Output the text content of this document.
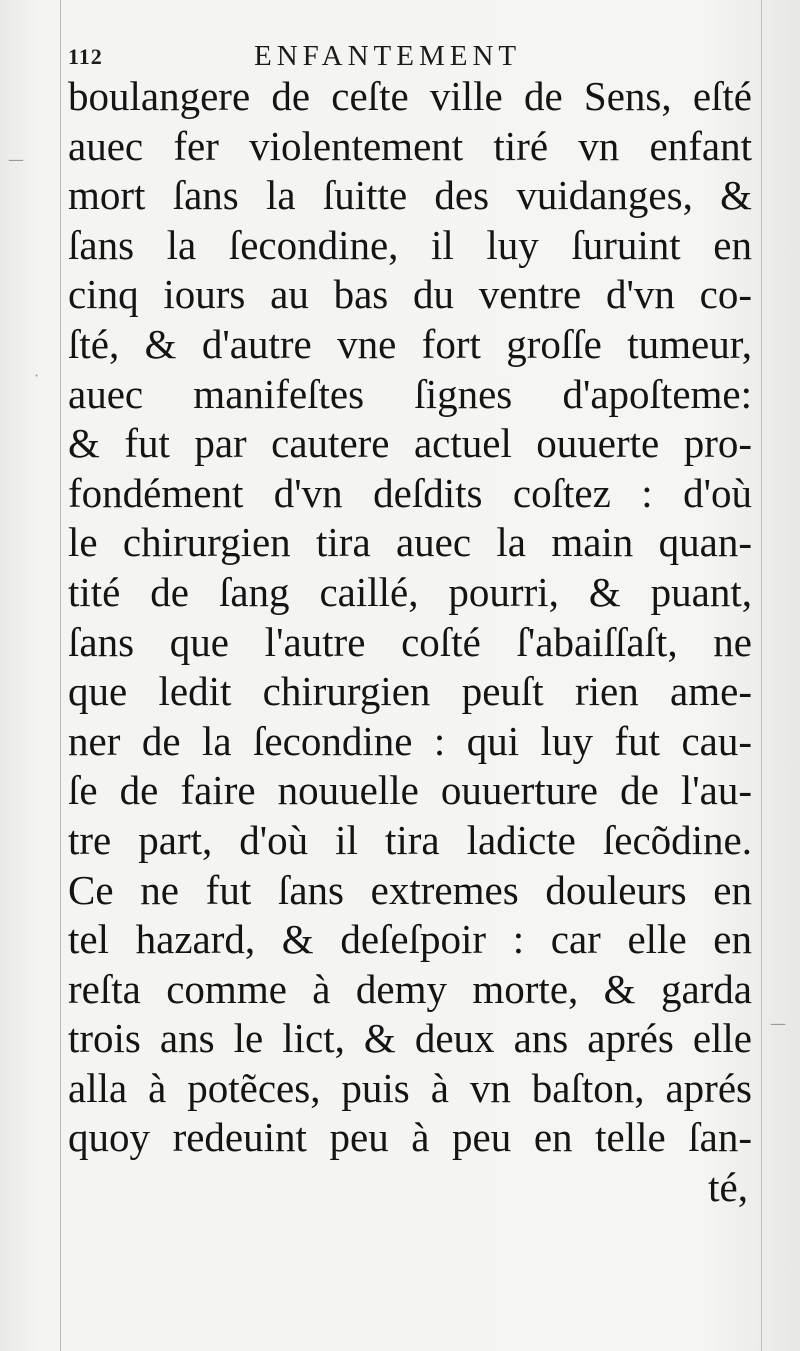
—
·
—
112	ENFANTEMENT
boulangere de ceſte ville de Sens, eſté
auec fer violentement tiré vn enfant
mort ſans la ſuitte des vuidanges, &
ſans la ſecondine, il luy ſuruint en
cinq iours au bas du ventre d'vn co-
ſté, & d'autre vne fort groſſe tumeur,
auec manifeſtes ſignes d'apoſteme:
& fut par cautere actuel ouuerte pro-
fondément d'vn deſdits coſtez : d'où
le chirurgien tira auec la main quan-
tité de ſang caillé, pourri, & puant,
ſans que l'autre coſté ſ'abaiſſaſt, ne
que ledit chirurgien peuſt rien ame-
ner de la ſecondine : qui luy fut cau-
ſe de faire nouuelle ouuerture de l'au-
tre part, d'où il tira ladicte ſecõdine.
Ce ne fut ſans extremes douleurs en
tel hazard, & deſeſpoir : car elle en
reſta comme à demy morte, & garda
trois ans le lict, & deux ans aprés elle
alla à potẽces, puis à vn baſton, aprés
quoy redeuint peu à peu en telle ſan-
té,
